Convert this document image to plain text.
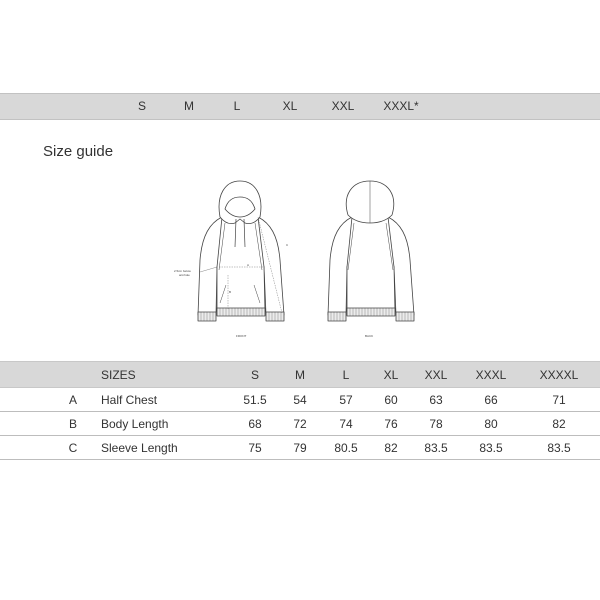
S	M	L	XL	XXL XXXL*
Size guide
2.5cm below
armhole
A
B
C
FRONT	BACK
SIZES	S	M	L	XL XXL XXXL	XXXXL
A Half Chest	51.5 54	57	60	63	66	71
B Body Length	68	72	74	76	78	80	82
C Sleeve Length	75	79 80.5 82 83.5	83.5	83.5
